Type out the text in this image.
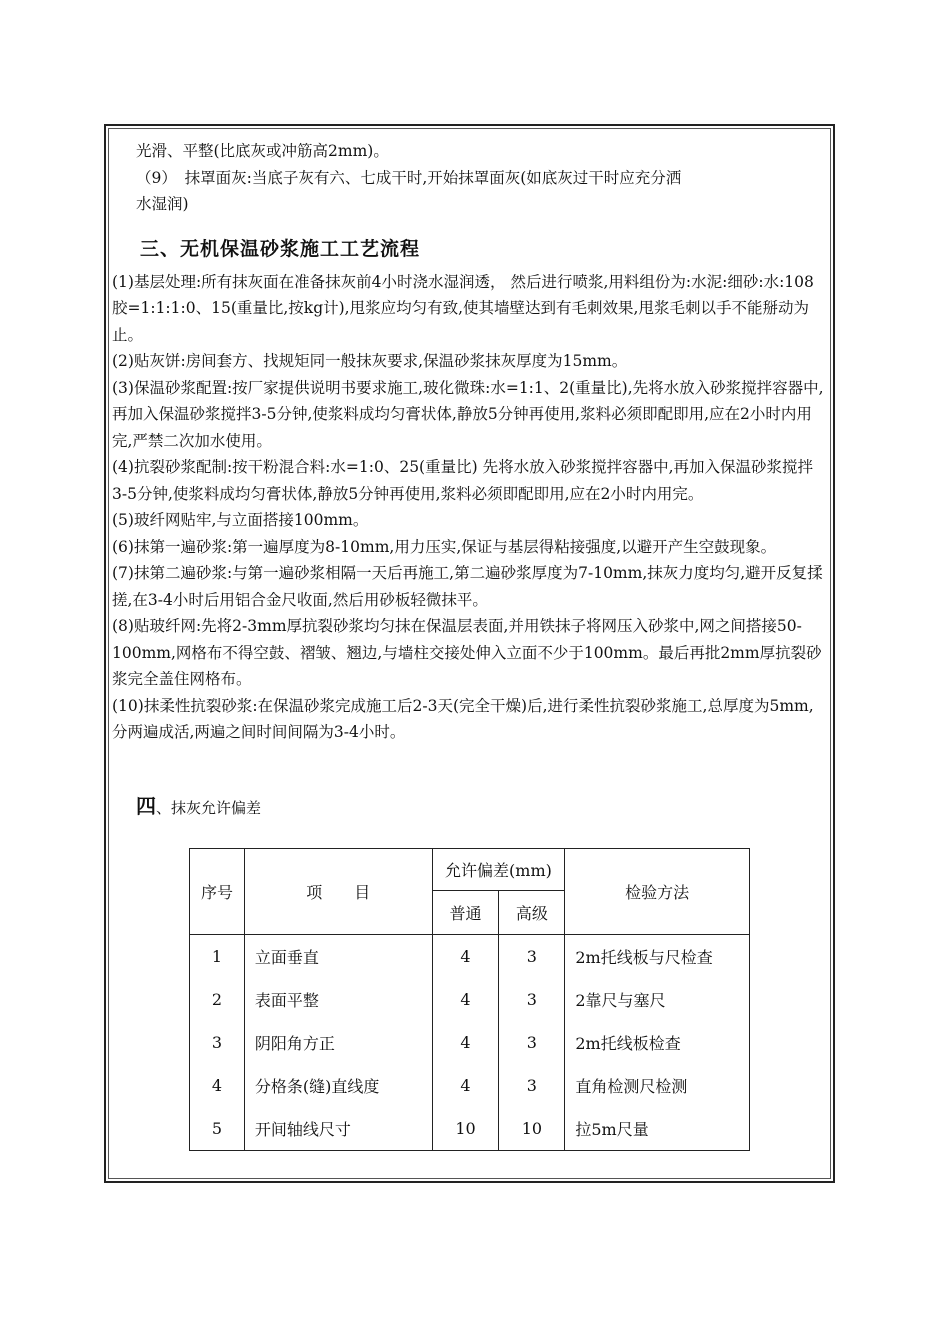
光滑、平整(比底灰或冲筋高2mm)。

（9）　抹罩面灰:当底子灰有六、七成干时,开始抹罩面灰(如底灰过干时应充分洒

水湿润)

三、无机保温砂浆施工工艺流程

(1)基层处理:所有抹灰面在准备抹灰前4小时浇水湿润透， 然后进行喷浆,用料组份为:水泥:细砂:水:108胶=1:1:1:0、15(重量比,按kg计),甩浆应均匀有致,使其墙壁达到有毛刺效果,甩浆毛刺以手不能掰动为止。

(2)贴灰饼:房间套方、找规矩同一般抹灰要求,保温砂浆抹灰厚度为15mm。

(3)保温砂浆配置:按厂家提供说明书要求施工,玻化微珠:水=1:1、2(重量比),先将水放入砂浆搅拌容器中,再加入保温砂浆搅拌3-5分钟,使浆料成均匀膏状体,静放5分钟再使用,浆料必须即配即用,应在2小时内用完,严禁二次加水使用。

(4)抗裂砂浆配制:按干粉混合料:水=1:0、25(重量比) 先将水放入砂浆搅拌容器中,再加入保温砂浆搅拌3-5分钟,使浆料成均匀膏状体,静放5分钟再使用,浆料必须即配即用,应在2小时内用完。

(5)玻纤网贴牢,与立面搭接100mm。

(6)抹第一遍砂浆:第一遍厚度为8-10mm,用力压实,保证与基层得粘接强度,以避开产生空鼓现象。

(7)抹第二遍砂浆:与第一遍砂浆相隔一天后再施工,第二遍砂浆厚度为7-10mm,抹灰力度均匀,避开反复揉搓,在3-4小时后用铝合金尺收面,然后用砂板轻微抹平。

(8)贴玻纤网:先将2-3mm厚抗裂砂浆均匀抹在保温层表面,并用铁抹子将网压入砂浆中,网之间搭接50-100mm,网格布不得空鼓、褶皱、翘边,与墙柱交接处伸入立面不少于100mm。最后再批2mm厚抗裂砂浆完全盖住网格布。

(10)抹柔性抗裂砂浆:在保温砂浆完成施工后2-3天(完全干燥)后,进行柔性抗裂砂浆施工,总厚度为5mm,分两遍成活,两遍之间时间间隔为3-4小时。

四、抹灰允许偏差
序号	项　　目	允许偏差(mm)		检验方法
		普通	高级	
1	立面垂直	4	3	2m托线板与尺检查
2	表面平整	4	3	2靠尺与塞尺
3	阴阳角方正	4	3	2m托线板检查
4	分格条(缝)直线度	4	3	直角检测尺检测
5	开间轴线尺寸	10	10	拉5m尺量
